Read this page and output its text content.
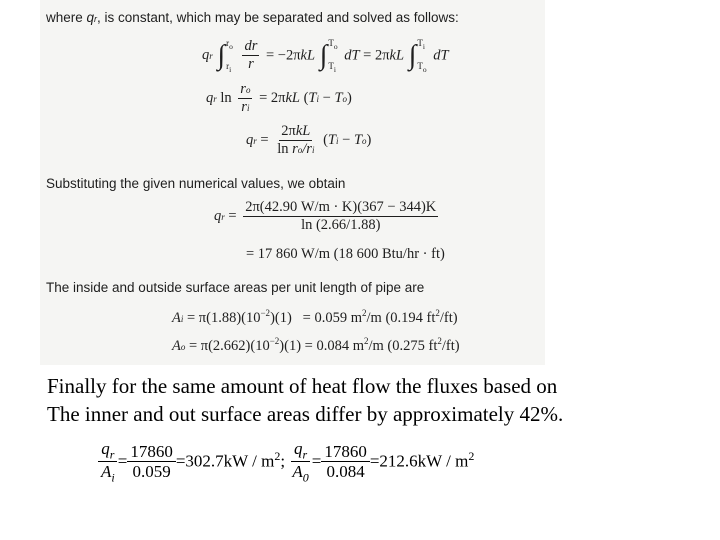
where qr, is constant, which may be separated and solved as follows:
qr ∫ $r_o$
$r_i$
$\frac{dr}{r} = -2\pi kL$ ∫ $T_o$
$T_i$
dT = 2πkL ∫ $T_i$
$T_o$
dT
qr $\ln \frac{ro}{ri} = 2\pi kL$ (Ti − To)
qr = $\frac{\text{2πkL}}{\text{ln ro/ri}} (Ti - To)$
Substituting the given numerical values, we obtain
qr = $\frac{2\pi(42.90 W/m \cdot K)(367 - 344)K}{\ln (2.66/1.88)}$
= 17 860 W/m (18 600 Btu/hr · ft)
The inside and outside surface areas per unit length of pipe are
$Ai = \pi(1.88)(10^{-2})(1) = 0.059$ $m^2/m$ (0.194 $ft^2/ft$)
$Ao = \pi(2.662)(10^{-2})(1) = 0.084$ $m^2/m$ (0.275 $ft^2/ft$)
Finally for the same amount of heat flow the fluxes based on
The inner and out surface areas differ by approximately 42%.
$\frac{q_r}{A_i} = \frac{17860}{0.059} =302.7kW / m^2$; $\frac{q_r}{A_0} = \frac{17860}{0.084} =212.6kW / m^2$
